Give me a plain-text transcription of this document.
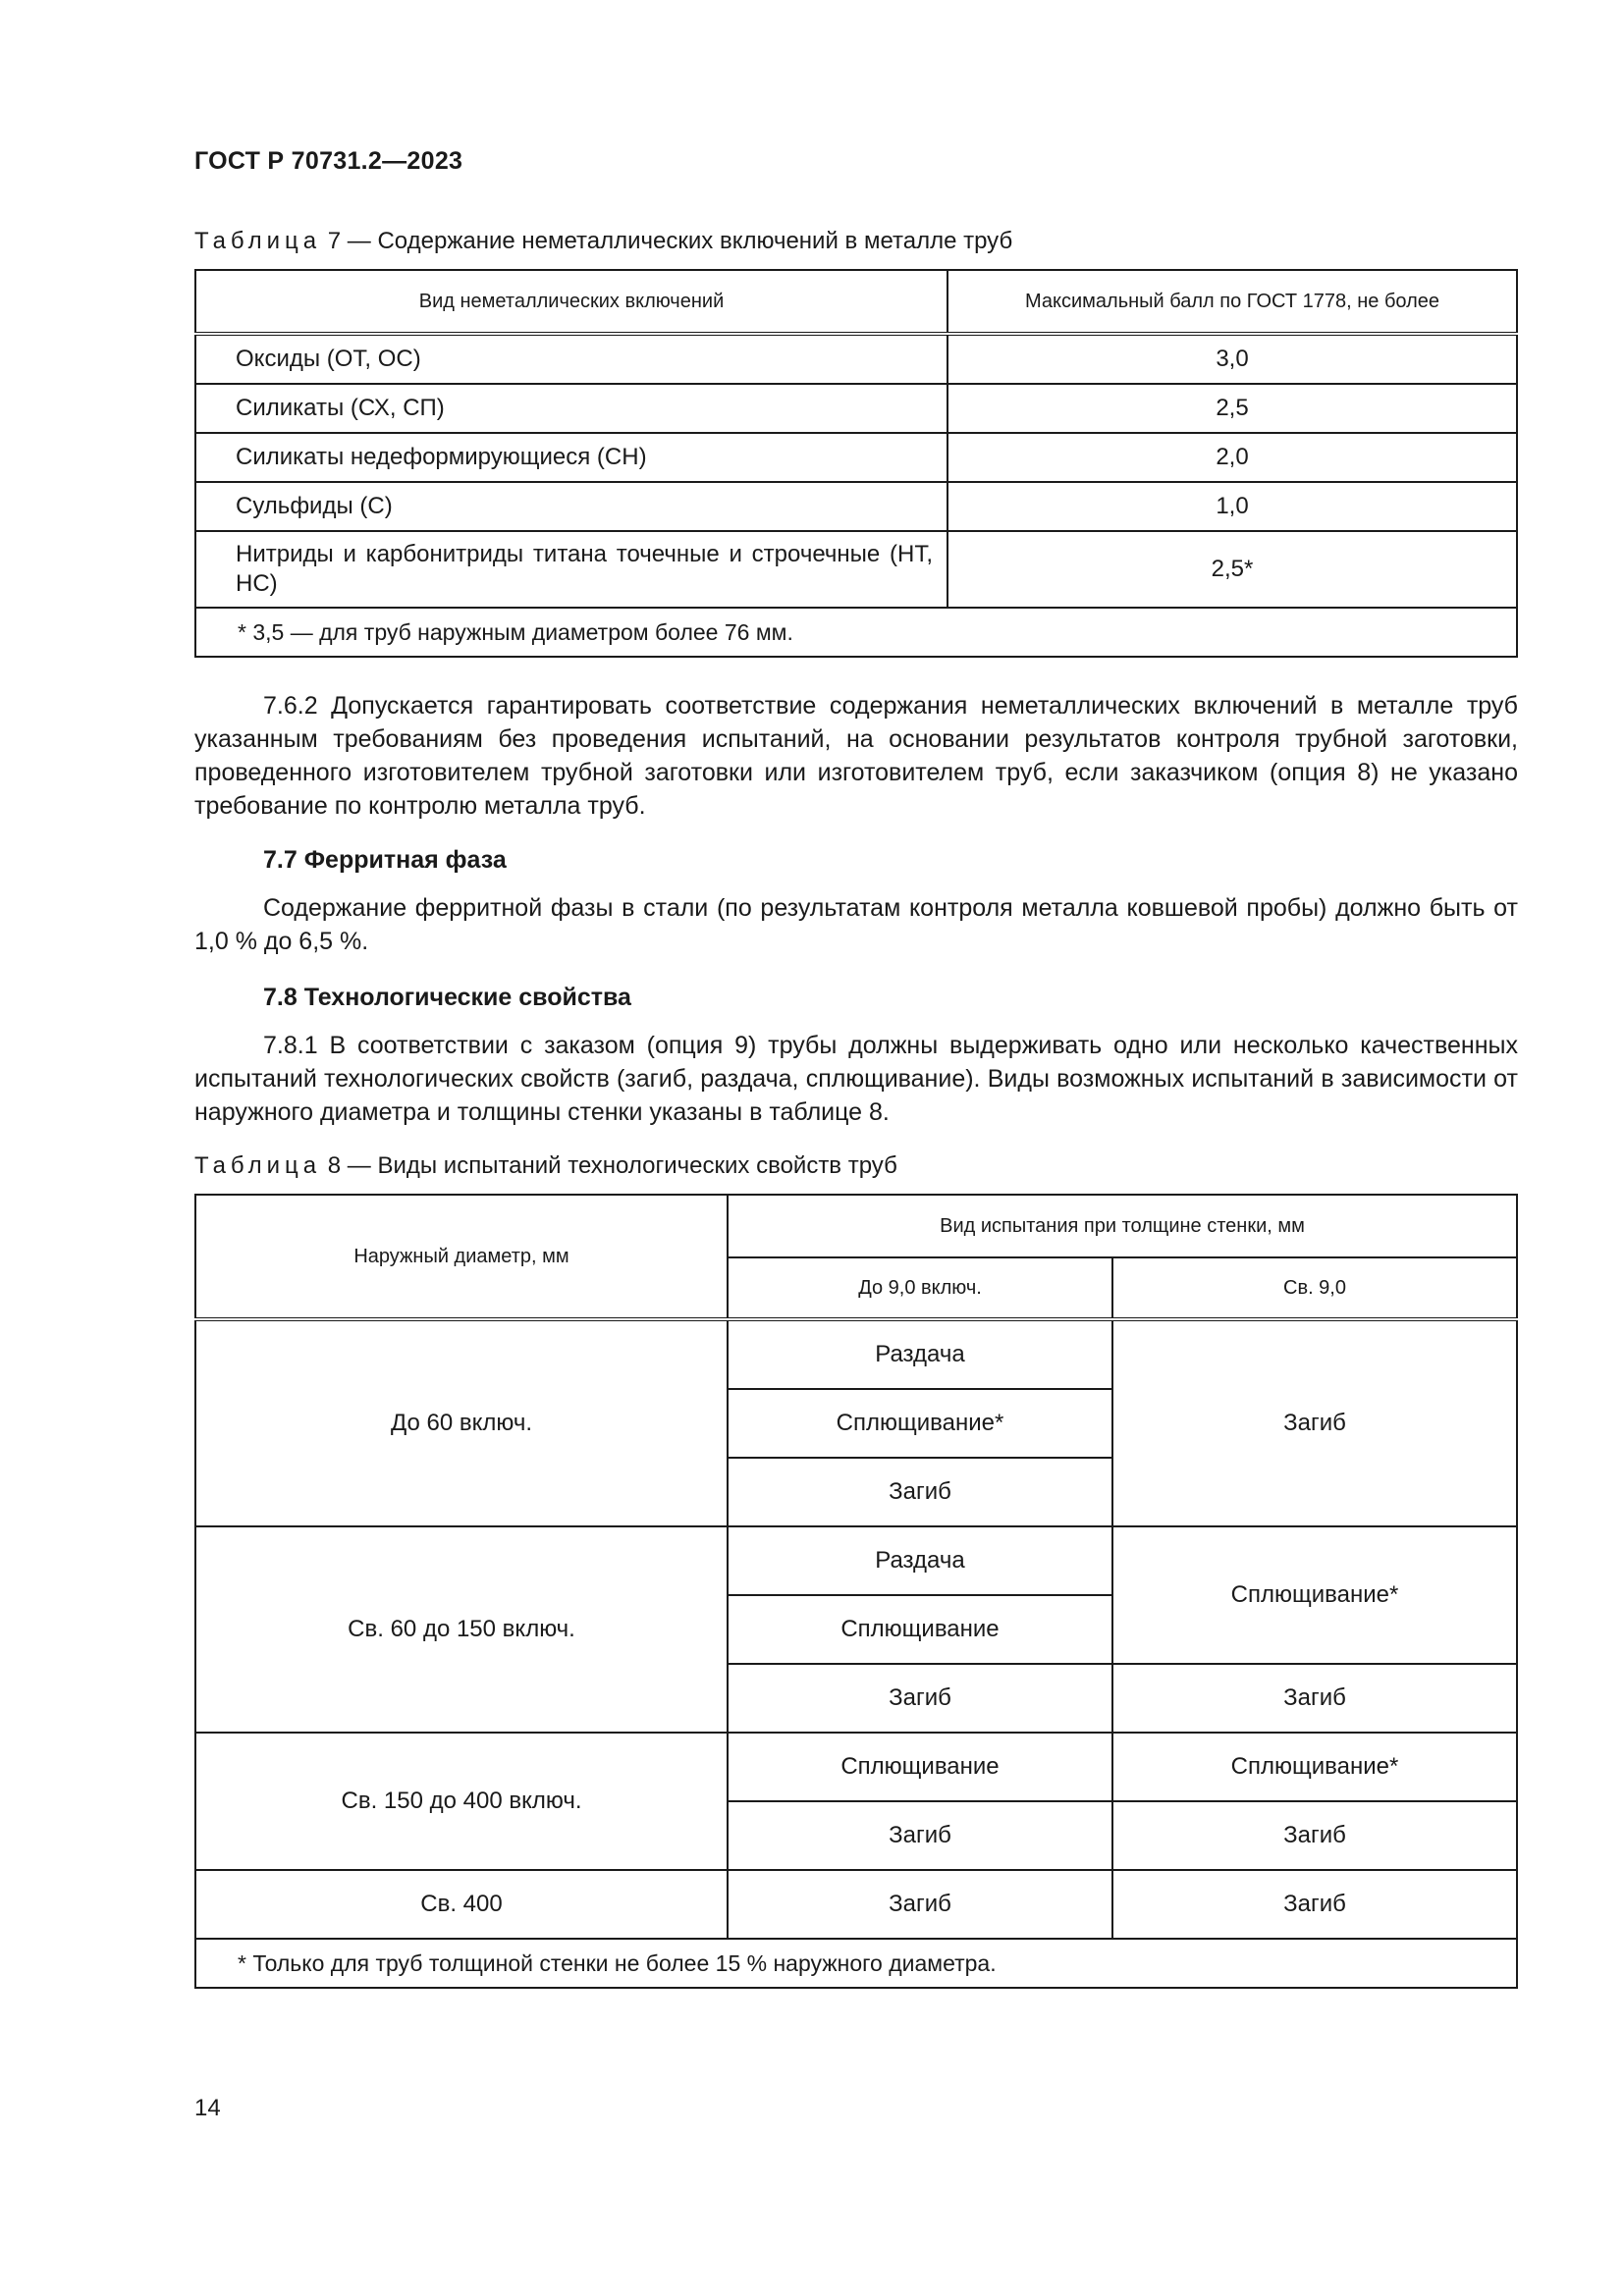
ГОСТ Р 70731.2—2023
Таблица 7 — Содержание неметаллических включений в металле труб
Вид неметаллических включений	Максимальный балл по ГОСТ 1778, не более
Оксиды (ОТ, ОС)	3,0
Силикаты (СХ, СП)	2,5
Силикаты недеформирующиеся (СН)	2,0
Сульфиды (С)	1,0
Нитриды и карбонитриды титана точечные и строчечные (НТ, НС)	2,5*
* 3,5 — для труб наружным диаметром более 76 мм.	
7.6.2 Допускается гарантировать соответствие содержания неметаллических включений в металле труб указанным требованиям без проведения испытаний, на основании результатов контроля трубной заготовки, проведенного изготовителем трубной заготовки или изготовителем труб, если заказчиком (опция 8) не указано требование по контролю металла труб.
7.7 Ферритная фаза
Содержание ферритной фазы в стали (по результатам контроля металла ковшевой пробы) должно быть от 1,0 % до 6,5 %.
7.8 Технологические свойства
7.8.1 В соответствии с заказом (опция 9) трубы должны выдерживать одно или несколько качественных испытаний технологических свойств (загиб, раздача, сплющивание). Виды возможных испытаний в зависимости от наружного диаметра и толщины стенки указаны в таблице 8.
Таблица 8 — Виды испытаний технологических свойств труб
Наружный диаметр, мм	Вид испытания при толщине стенки, мм	
	До 9,0 включ.	Св. 9,0
До 60 включ.	Раздача	Загиб
	Сплющивание*	
	Загиб	
Св. 60 до 150 включ.	Раздача	Сплющивание*
	Сплющивание	
	Загиб	Загиб
Св. 150 до 400 включ.	Сплющивание	Сплющивание*
	Загиб	Загиб
Св. 400	Загиб	Загиб
* Только для труб толщиной стенки не более 15 % наружного диаметра.		
14
